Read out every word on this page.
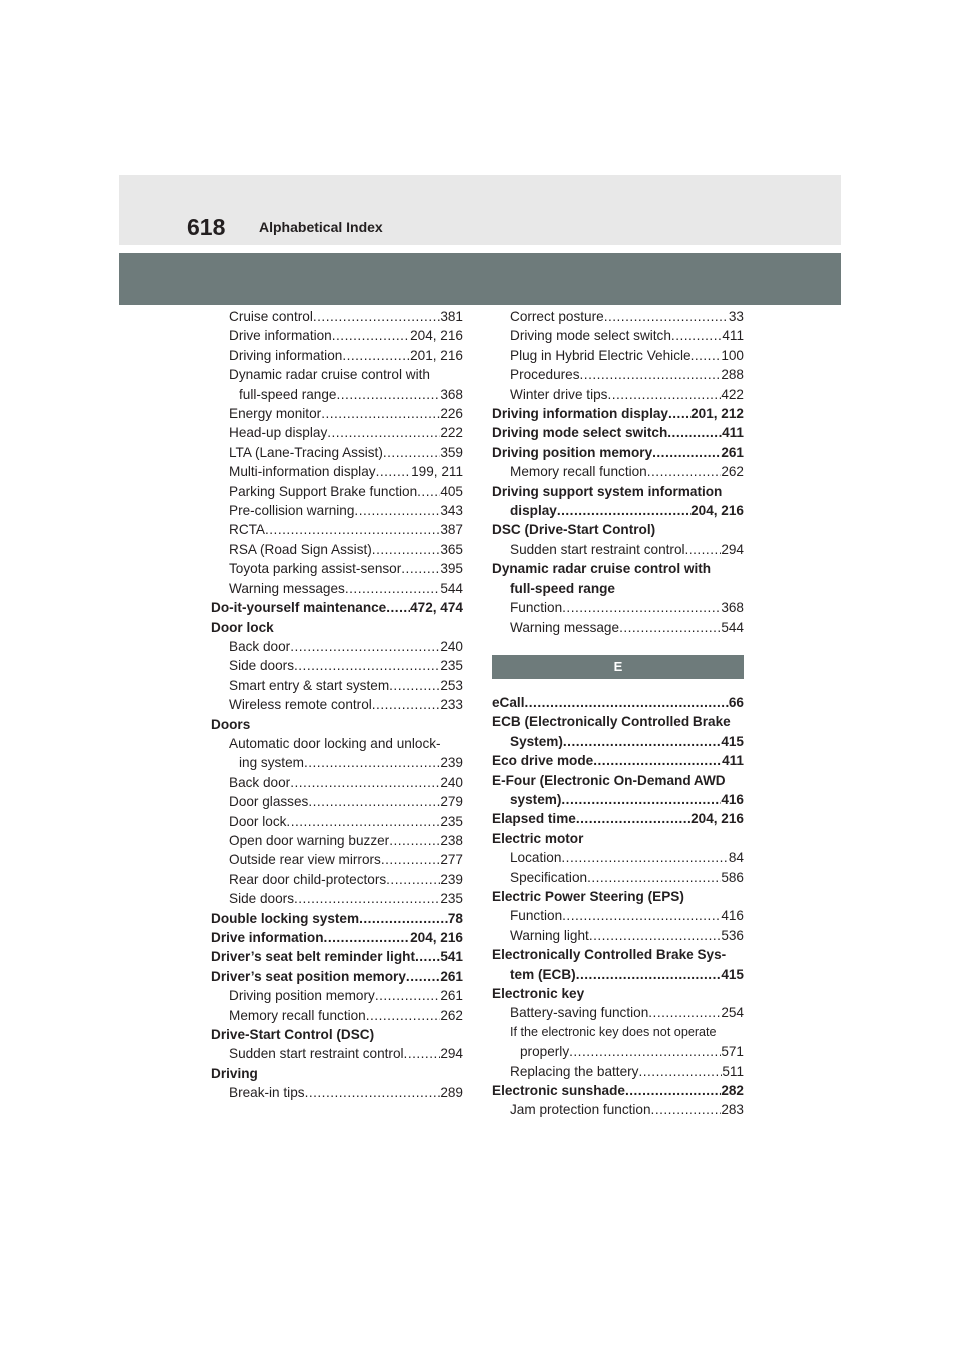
618 Alphabetical Index
Cruise control .....	381
Drive information .....	204, 216
Driving information .....	201, 216
Dynamic radar cruise control with
full-speed range .....	368
Energy monitor .....	226
Head-up display .....	222
LTA (Lane-Tracing Assist) .....	359
Multi-information display .....	199, 211
Parking Support Brake function ..... 405
Pre-collision warning .....	343
RCTA .....	387
RSA (Road Sign Assist) .....	365
Toyota parking assist-sensor .....	395
Warning messages .....	544
Do-it-yourself maintenance ..... 472, 474
Door lock
Back door .....	240
Side doors .....	235
Smart entry & start system .....	253
Wireless remote control .....	233
Doors
Automatic door locking and unlock-
ing system .....	239
Back door .....	240
Door glasses .....	279
Door lock .....	235
Open door warning buzzer .....	238
Outside rear view mirrors .....	277
Rear door child-protectors .....	239
Side doors .....	235
Double locking system .....	78
Drive information .....	204, 216
Driver’s seat belt reminder light ..... 541
Driver’s seat position memory .....	261
Driving position memory .....	261
Memory recall function .....	262
Drive-Start Control (DSC)
Sudden start restraint control .....	294
Driving
Break-in tips .....	289
Correct posture .....	33
Driving mode select switch .....	411
Plug in Hybrid Electric Vehicle ..... 100
Procedures .....	288
Winter drive tips .....	422
Driving information display ..... 201, 212
Driving mode select switch .....	411
Driving position memory .....	261
Memory recall function .....	262
Driving support system information
display .....	204, 216
DSC (Drive-Start Control)
Sudden start restraint control .....	294
Dynamic radar cruise control with
full-speed range
Function .....	368
Warning message .....	544
E
eCall .....	66
ECB (Electronically Controlled Brake
System) .....	415
Eco drive mode .....	411
E-Four (Electronic On-Demand AWD
system) .....	416
Elapsed time .....	204, 216
Electric motor
Location .....	84
Specification .....	586
Electric Power Steering (EPS)
Function .....	416
Warning light .....	536
Electronically Controlled Brake Sys-
tem (ECB) .....	415
Electronic key
Battery-saving function .....	254
If the electronic key does not operate
properly .....	571
Replacing the battery .....	511
Electronic sunshade .....	282
Jam protection function .....	283
